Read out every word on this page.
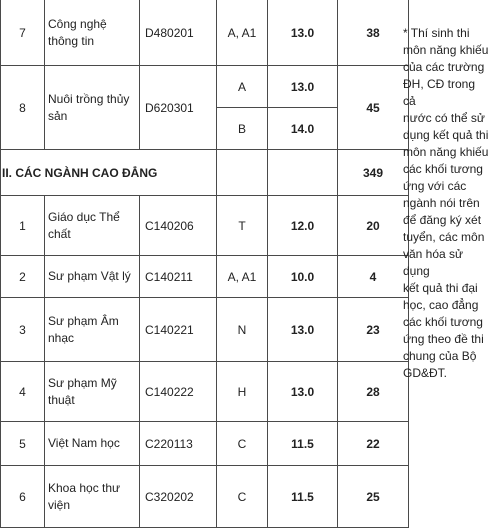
7	Công nghệ thông tin	D480201	A, A1	13.0	38
8	Nuôi trồng thủy sản	D620301	A	13.0	45
			B	14.0	
II. CÁC NGÀNH CAO ĐẲNG					349
1	Giáo dục Thể chất	C140206	T	12.0	20
2	Sư phạm Vật lý	C140211	A, A1	10.0	4
3	Sư phạm Âm nhạc	C140221	N	13.0	23
4	Sư phạm Mỹ thuật	C140222	H	13.0	28
5	Việt Nam học	C220113	C	11.5	22
6	Khoa học thư viện	C320202	C	11.5	25
* Thí sinh thi
môn năng khiếu
của các trường
ĐH, CĐ trong cả
nước có thể sử
dụng kết quả thi
môn năng khiếu
các khối tương
ứng với các
ngành nói trên
để đăng ký xét
tuyển, các môn
văn hóa sử dụng
kết quả thi đại
học, cao đẳng
các khối tương
ứng theo đề thi
chung của Bộ
GD&ĐT.
